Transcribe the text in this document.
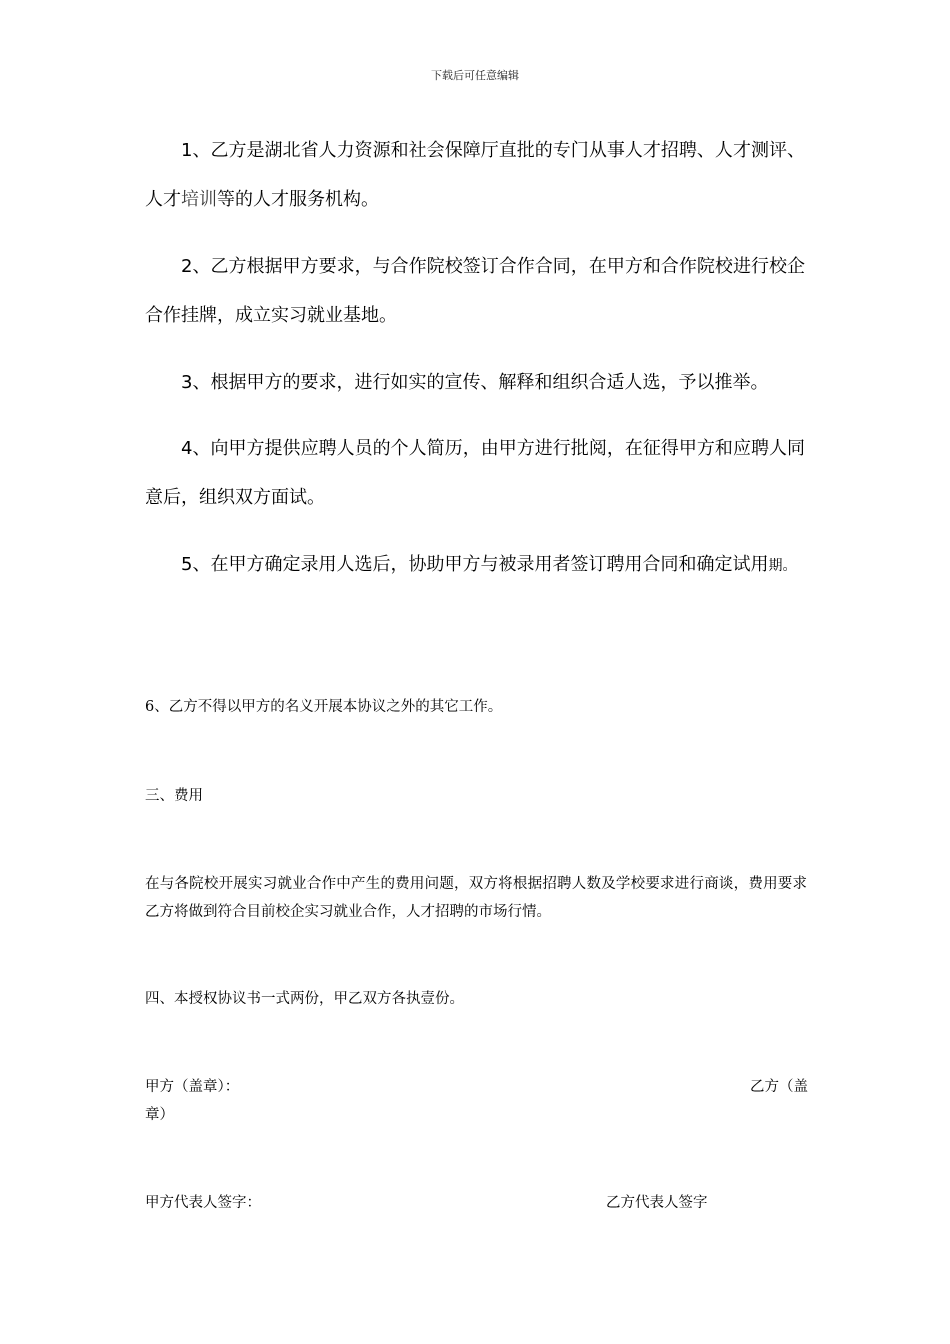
下载后可任意编辑
1、乙方是湖北省人力资源和社会保障厅直批的专门从事人才招聘、人才测评、人才培训等的人才服务机构。
2、乙方根据甲方要求，与合作院校签订合作合同，在甲方和合作院校进行校企合作挂牌，成立实习就业基地。
3、根据甲方的要求，进行如实的宣传、解释和组织合适人选，予以推举。
4、向甲方提供应聘人员的个人简历，由甲方进行批阅，在征得甲方和应聘人同意后，组织双方面试。
5、在甲方确定录用人选后，协助甲方与被录用者签订聘用合同和确定试用期。
6、乙方不得以甲方的名义开展本协议之外的其它工作。
三、费用
在与各院校开展实习就业合作中产生的费用问题，双方将根据招聘人数及学校要求进行商谈，费用要求乙方将做到符合目前校企实习就业合作，人才招聘的市场行情。
四、本授权协议书一式两份，甲乙双方各执壹份。
甲方（盖章）：	乙方（盖
章）
甲方代表人签字：	乙方代表人签字
